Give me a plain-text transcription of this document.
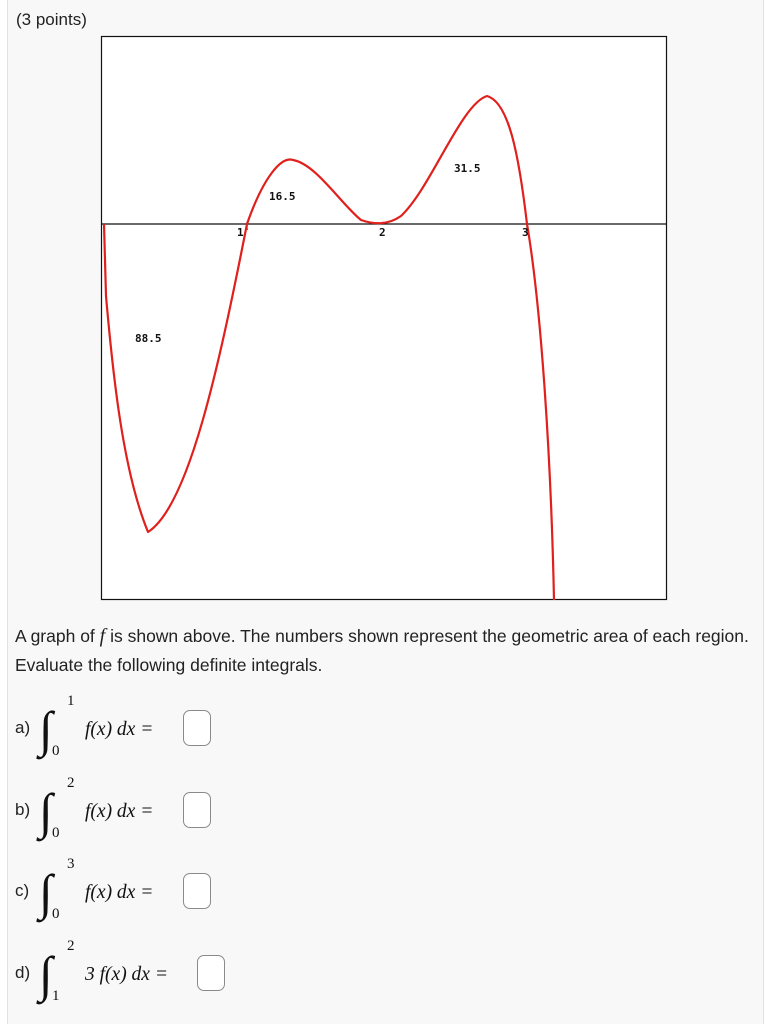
(3 points)
88.5
16.5
31.5
1	2	3
A graph of f is shown above. The numbers shown represent the geometric area of each region. Evaluate the following definite integrals.
a) ∫ 1
0
f(x) dx =
b) ∫ 2
0
f(x) dx =
c) ∫ 3
0
f(x) dx =
d) ∫ 2
1
3 f(x) dx =
